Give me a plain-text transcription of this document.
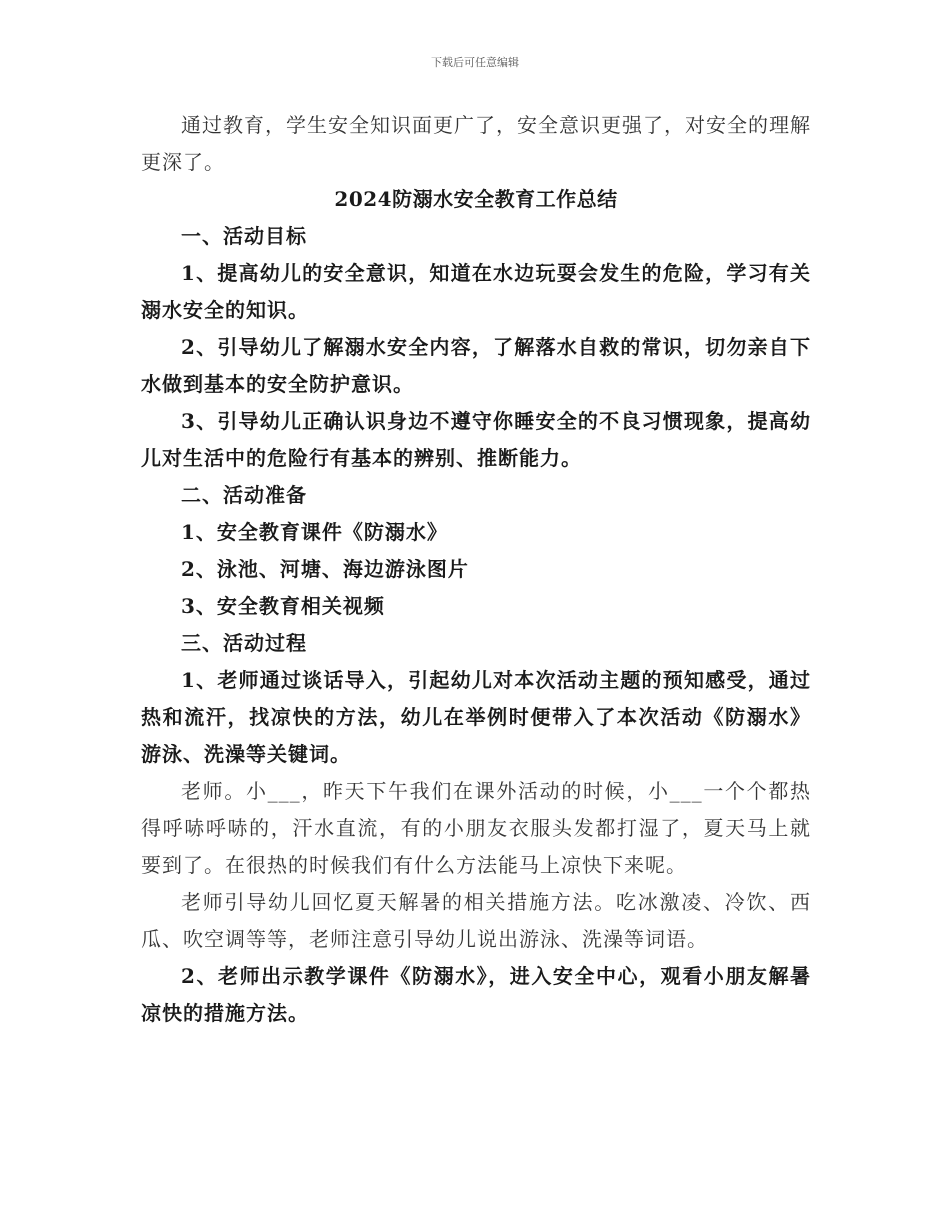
下载后可任意编辑

通过教育，学生安全知识面更广了，安全意识更强了，对安全的理解更深了。

2024防溺水安全教育工作总结

一、活动目标

1、提高幼儿的安全意识，知道在水边玩耍会发生的危险，学习有关溺水安全的知识。

2、引导幼儿了解溺水安全内容，了解落水自救的常识，切勿亲自下水做到基本的安全防护意识。

3、引导幼儿正确认识身边不遵守你睡安全的不良习惯现象，提高幼儿对生活中的危险行有基本的辨别、推断能力。

二、活动准备

1、安全教育课件《防溺水》

2、泳池、河塘、海边游泳图片

3、安全教育相关视频

三、活动过程

1、老师通过谈话导入，引起幼儿对本次活动主题的预知感受，通过热和流汗，找凉快的方法，幼儿在举例时便带入了本次活动《防溺水》游泳、洗澡等关键词。

老师。小___，昨天下午我们在课外活动的时候，小___一个个都热得呼哧呼哧的，汗水直流，有的小朋友衣服头发都打湿了，夏天马上就要到了。在很热的时候我们有什么方法能马上凉快下来呢。

老师引导幼儿回忆夏天解暑的相关措施方法。吃冰激凌、冷饮、西瓜、吹空调等等，老师注意引导幼儿说出游泳、洗澡等词语。

2、老师出示教学课件《防溺水》，进入安全中心，观看小朋友解暑凉快的措施方法。
